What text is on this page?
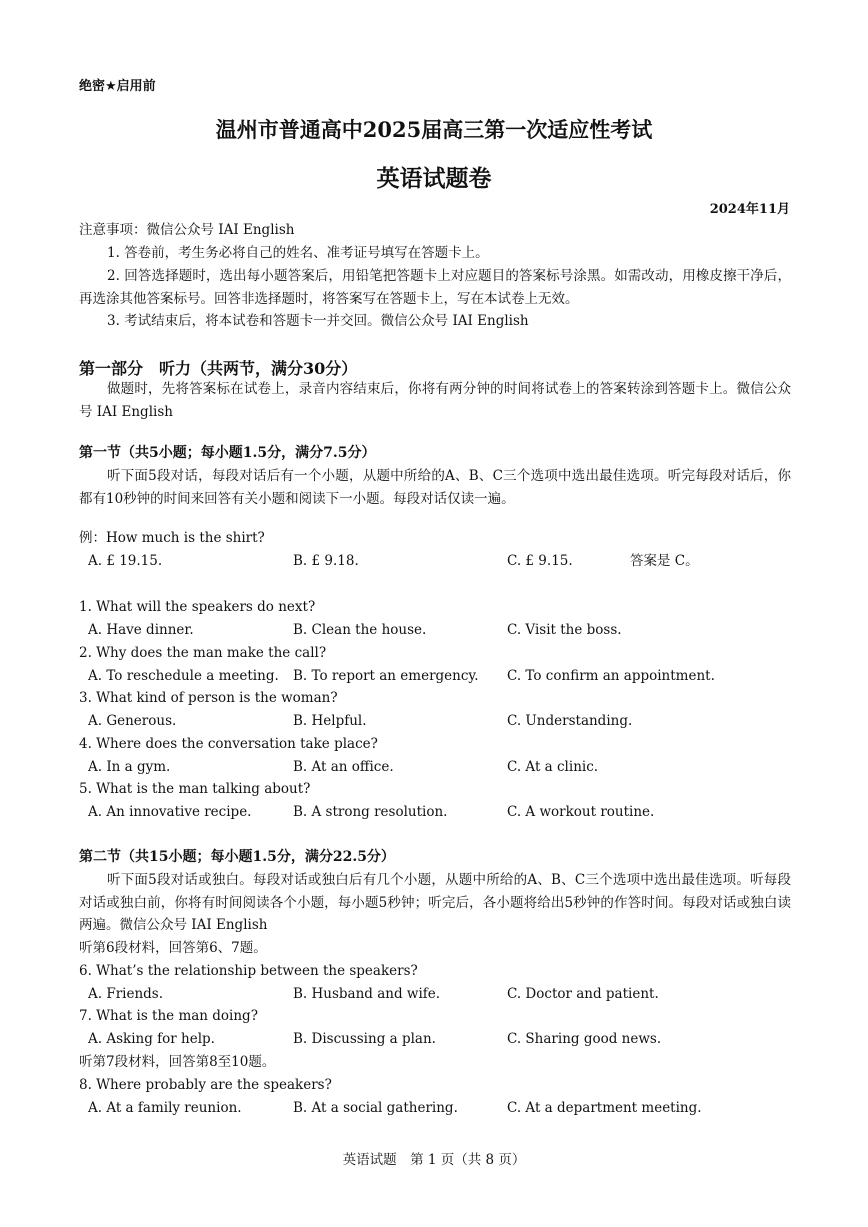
绝密★启用前
温州市普通高中2025届高三第一次适应性考试
英语试题卷
2024年11月
注意事项：微信公众号 IAI English
1. 答卷前，考生务必将自己的姓名、准考证号填写在答题卡上。
2. 回答选择题时，选出每小题答案后，用铅笔把答题卡上对应题目的答案标号涂黑。如需改动，用橡皮擦干净后，再选涂其他答案标号。回答非选择题时，将答案写在答题卡上，写在本试卷上无效。
3. 考试结束后，将本试卷和答题卡一并交回。微信公众号 IAI English
第一部分　听力（共两节，满分30分）
做题时，先将答案标在试卷上，录音内容结束后，你将有两分钟的时间将试卷上的答案转涂到答题卡上。微信公众号 IAI English
第一节（共5小题；每小题1.5分，满分7.5分）
听下面5段对话，每段对话后有一个小题，从题中所给的A、B、C三个选项中选出最佳选项。听完每段对话后，你都有10秒钟的时间来回答有关小题和阅读下一小题。每段对话仅读一遍。
例：How much is the shirt?
A. £ 19.15.	B. £ 9.18.	C. £ 9.15.	答案是 C。
1. What will the speakers do next?
A. Have dinner.	B. Clean the house.	C. Visit the boss.
2. Why does the man make the call?
A. To reschedule a meeting. B. To report an emergency. C. To confirm an appointment.
3. What kind of person is the woman?
A. Generous.	B. Helpful.	C. Understanding.
4. Where does the conversation take place?
A. In a gym.	B. At an office.	C. At a clinic.
5. What is the man talking about?
A. An innovative recipe.	B. A strong resolution.	C. A workout routine.
第二节（共15小题；每小题1.5分，满分22.5分）
听下面5段对话或独白。每段对话或独白后有几个小题，从题中所给的A、B、C三个选项中选出最佳选项。听每段对话或独白前，你将有时间阅读各个小题，每小题5秒钟；听完后，各小题将给出5秒钟的作答时间。每段对话或独白读两遍。微信公众号 IAI English
听第6段材料，回答第6、7题。
6. What’s the relationship between the speakers?
A. Friends.	B. Husband and wife.	C. Doctor and patient.
7. What is the man doing?
A. Asking for help.	B. Discussing a plan.	C. Sharing good news.
听第7段材料，回答第8至10题。
8. Where probably are the speakers?
A. At a family reunion.	B. At a social gathering.	C. At a department meeting.
英语试题　第 1 页（共 8 页）
